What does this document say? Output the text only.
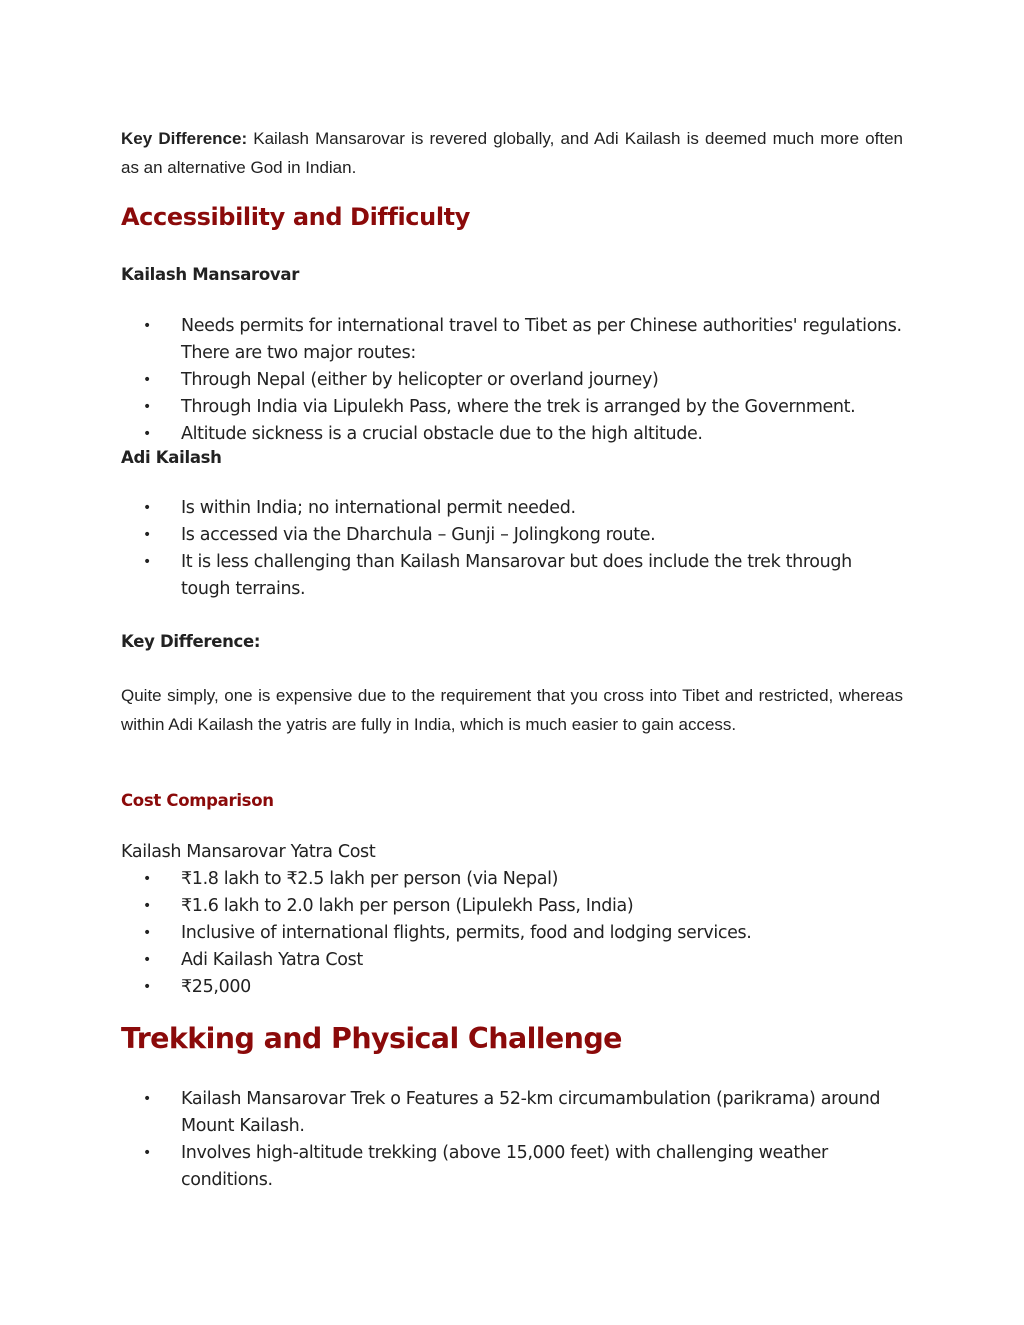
Key Difference: Kailash Mansarovar is revered globally, and Adi Kailash is deemed much more often as an alternative God in Indian.

Accessibility and Difficulty
Kailash Mansarovar
• Needs permits for international travel to Tibet as per Chinese authorities' regulations. There are two major routes:
• Through Nepal (either by helicopter or overland journey)
• Through India via Lipulekh Pass, where the trek is arranged by the Government.
• Altitude sickness is a crucial obstacle due to the high altitude.
Adi Kailash
• Is within India; no international permit needed.
• Is accessed via the Dharchula – Gunji – Jolingkong route.
• It is less challenging than Kailash Mansarovar but does include the trek through tough terrains.
Key Difference:

Quite simply, one is expensive due to the requirement that you cross into Tibet and restricted, whereas within Adi Kailash the yatris are fully in India, which is much easier to gain access.

Cost Comparison

Kailash Mansarovar Yatra Cost

• ₹1.8 lakh to ₹2.5 lakh per person (via Nepal)
• ₹1.6 lakh to 2.0 lakh per person (Lipulekh Pass, India)
• Inclusive of international flights, permits, food and lodging services.
• Adi Kailash Yatra Cost
• ₹25,000
Trekking and Physical Challenge
• Kailash Mansarovar Trek o Features a 52-km circumambulation (parikrama) around Mount Kailash.
• Involves high-altitude trekking (above 15,000 feet) with challenging weather conditions.
